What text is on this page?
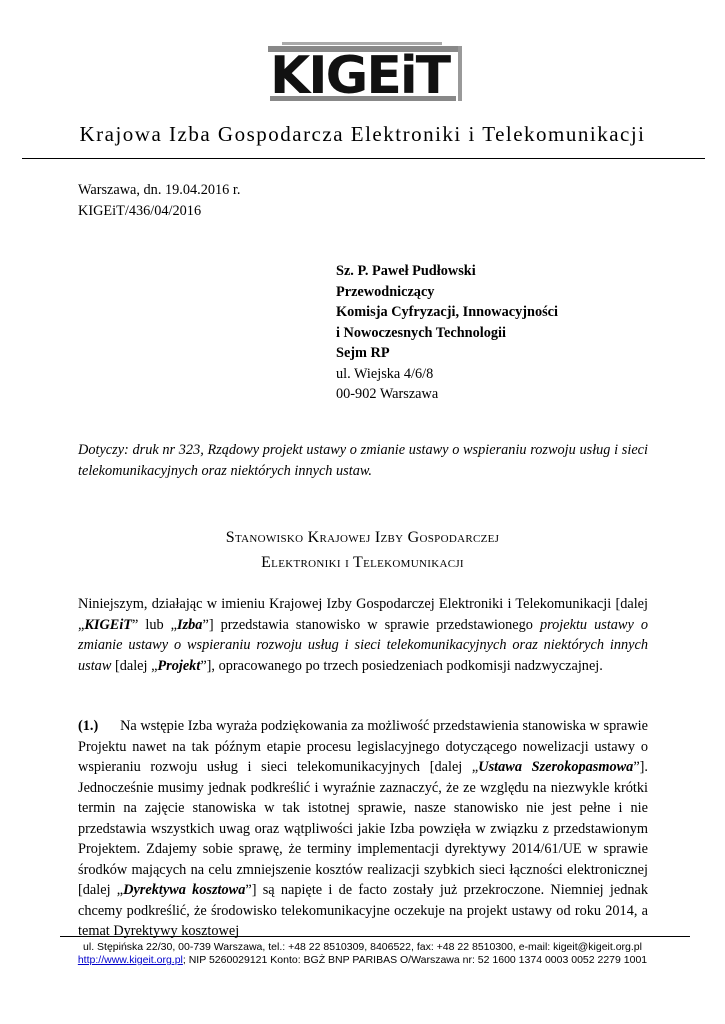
KIGEiT
Krajowa Izba Gospodarcza Elektroniki i Telekomunikacji
Warszawa, dn. 19.04.2016 r.
KIGEiT/436/04/2016
Sz. P. Paweł Pudłowski
Przewodniczący
Komisja Cyfryzacji, Innowacyjności
i Nowoczesnych Technologii
Sejm RP
ul. Wiejska 4/6/8
00-902 Warszawa
Dotyczy: druk nr 323, Rządowy projekt ustawy o zmianie ustawy o wspieraniu rozwoju usług i sieci telekomunikacyjnych oraz niektórych innych ustaw.
Stanowisko Krajowej Izby Gospodarczej
Elektroniki i Telekomunikacji
Niniejszym, działając w imieniu Krajowej Izby Gospodarczej Elektroniki i Telekomunikacji [dalej „KIGEiT” lub „Izba”] przedstawia stanowisko w sprawie przedstawionego projektu ustawy o zmianie ustawy o wspieraniu rozwoju usług i sieci telekomunikacyjnych oraz niektórych innych ustaw [dalej „Projekt”], opracowanego po trzech posiedzeniach podkomisji nadzwyczajnej.
(1.) Na wstępie Izba wyraża podziękowania za możliwość przedstawienia stanowiska w sprawie Projektu nawet na tak późnym etapie procesu legislacyjnego dotyczącego nowelizacji ustawy o wspieraniu rozwoju usług i sieci telekomunikacyjnych [dalej „Ustawa Szerokopasmowa”]. Jednocześnie musimy jednak podkreślić i wyraźnie zaznaczyć, że ze względu na niezwykle krótki termin na zajęcie stanowiska w tak istotnej sprawie, nasze stanowisko nie jest pełne i nie przedstawia wszystkich uwag oraz wątpliwości jakie Izba powzięła w związku z przedstawionym Projektem. Zdajemy sobie sprawę, że terminy implementacji dyrektywy 2014/61/UE w sprawie środków mających na celu zmniejszenie kosztów realizacji szybkich sieci łączności elektronicznej [dalej „Dyrektywa kosztowa”] są napięte i de facto zostały już przekroczone. Niemniej jednak chcemy podkreślić, że środowisko telekomunikacyjne oczekuje na projekt ustawy od roku 2014, a temat Dyrektywy kosztowej
ul. Stępińska 22/30, 00-739 Warszawa, tel.: +48 22 8510309, 8406522, fax: +48 22 8510300, e-mail: kigeit@kigeit.org.pl
http://www.kigeit.org.pl; NIP 5260029121 Konto: BGŻ BNP PARIBAS O/Warszawa nr: 52 1600 1374 0003 0052 2279 1001
